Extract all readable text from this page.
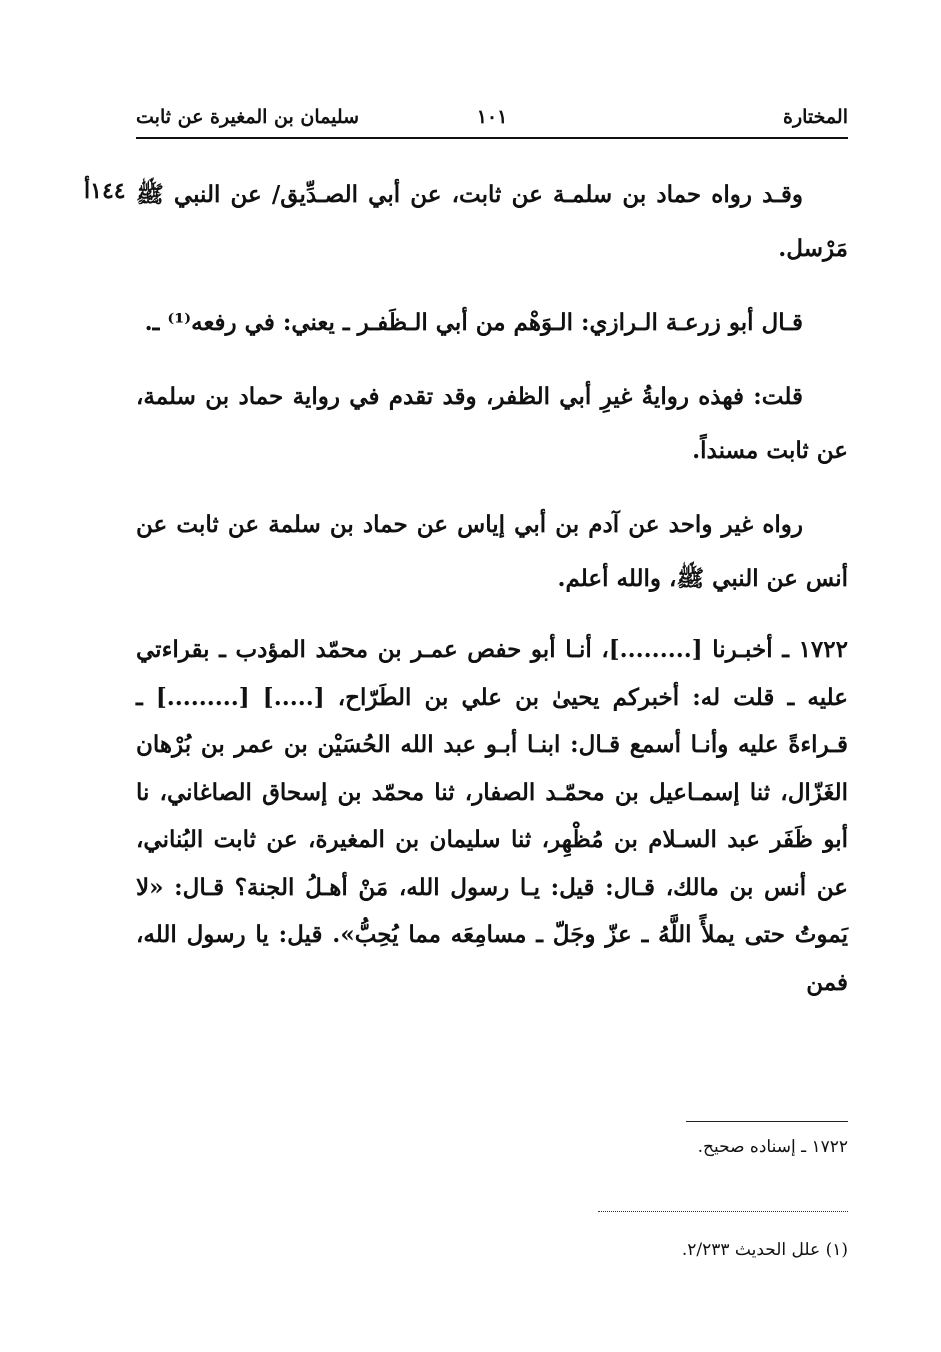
المختارة
١٠١
سليمان بن المغيرة عن ثابت
١٤٤أ وقـد رواه حماد بن سلمـة عن ثابت، عن أبي الصـدِّيق/ عن النبي ﷺ مَرْسل.

قـال أبو زرعـة الـرازي: الـوَهْم من أبي الـظَفـر ـ يعني: في رفعه⁽¹⁾ ـ.

قلت: فهذه روايةُ غيرِ أبي الظفر، وقد تقدم في رواية حماد بن سلمة، عن ثابت مسنداً.

رواه غير واحد عن آدم بن أبي إياس عن حماد بن سلمة عن ثابت عن أنس عن النبي ﷺ، والله أعلم.

١٧٢٢ ـ أخبـرنا [.........]، أنـا أبو حفص عمـر بن محمّد المؤدب ـ بقراءتي عليه ـ قلت له: أخبركم يحيىٰ بن علي بن الطَرّاح، [.....] [.........] ـ قـراءةً عليه وأنـا أسمع قـال: ابنـا أبـو عبد الله الحُسَيْن بن عمر بن بُرْهان الغَزّال، ثنا إسمـاعيل بن محمّـد الصفار، ثنا محمّد بن إسحاق الصاغاني، نا أبو ظَفَر عبد السـلام بن مُظْهِر، ثنا سليمان بن المغيرة، عن ثابت البُناني، عن أنس بن مالك، قـال: قيل: يـا رسول الله، مَنْ أهـلُ الجنة؟ قـال: «لا يَموتُ حتى يملأً اللَّهُ ـ عزّ وجَلّ ـ مسامِعَه مما يُحِبُّ». قيل: يا رسول الله، فمن

١٧٢٢ ـ إسناده صحيح.
(١) علل الحديث ٢/٢٣٣.
